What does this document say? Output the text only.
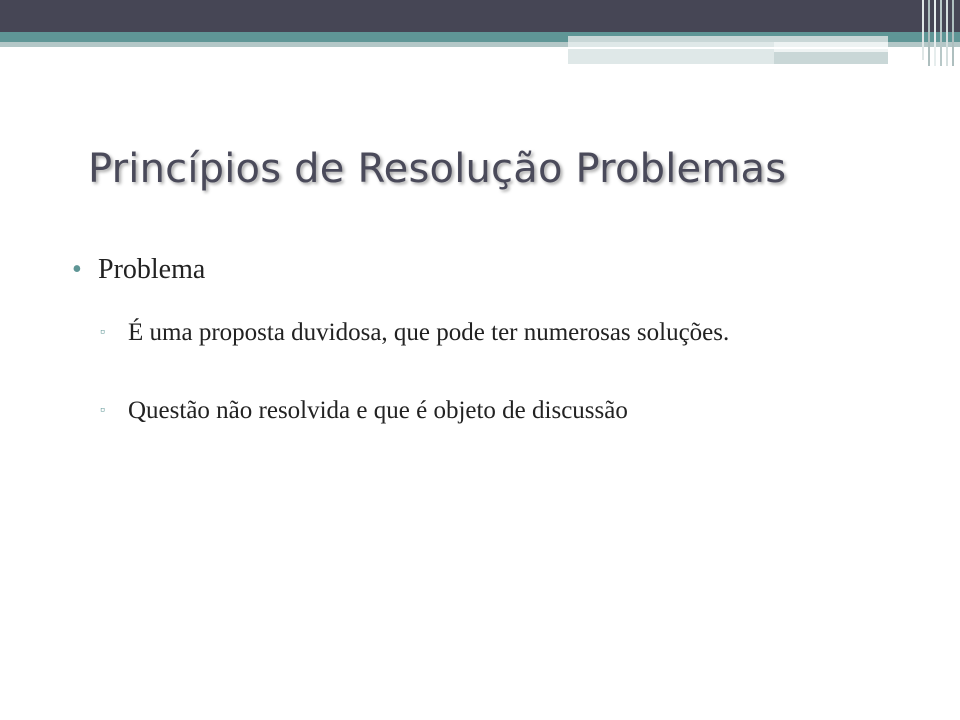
Princípios de Resolução Problemas
• Problema
▫ É uma proposta duvidosa, que pode ter numerosas soluções.
▫ Questão não resolvida e que é objeto de discussão
